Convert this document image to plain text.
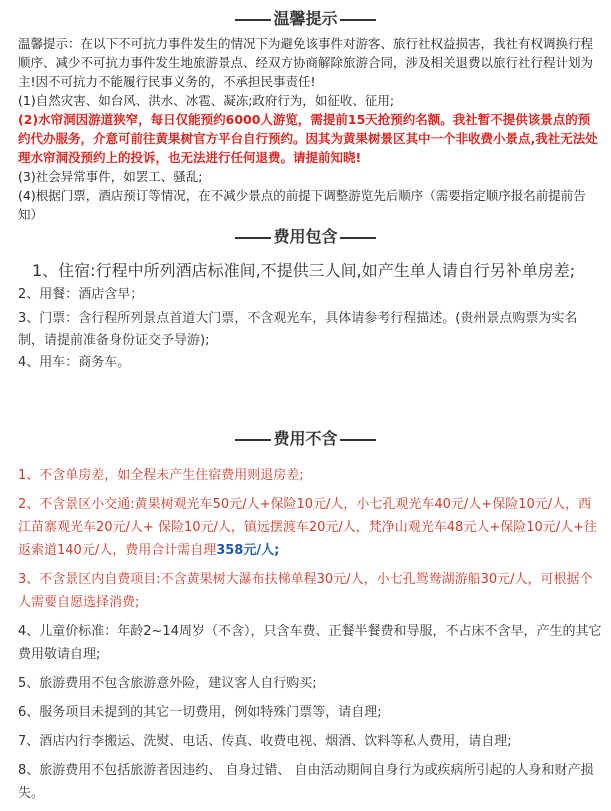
温馨提示

温馨提示：在以下不可抗力事件发生的情况下为避免该事件对游客、旅行社权益损害，我社有权调换行程顺序、减少不可抗力事件发生地旅游景点、经双方协商解除旅游合同，涉及相关退费以旅行社行程计划为主!因不可抗力不能履行民事义务的，不承担民事责任!

(1)自然灾害、如台风、洪水、冰雹、凝冻;政府行为，如征收、征用;

(2)水帘洞因游道狭窄，每日仅能预约6000人游览，需提前15天抢预约名额。我社暂不提供该景点的预约代办服务，介意可前往黄果树官方平台自行预约。因其为黄果树景区其中一个非收费小景点,我社无法处理水帘洞没预约上的投诉，也无法进行任何退费。请提前知晓!

(3)社会异常事件，如罢工、骚乱;

(4)根据门票，酒店预订等情况，在不减少景点的前提下调整游览先后顺序（需要指定顺序报名前提前告知）

费用包含
1、住宿:行程中所列酒店标准间,不提供三人间,如产生单人请自行另补单房差;
2、用餐：酒店含早；
3、门票：含行程所列景点首道大门票，不含观光车，具体请参考行程描述。(贵州景点购票为实名制，请提前准备身份证交予导游);
4、用车：商务车。
费用不含
1、不含单房差，如全程未产生住宿费用则退房差;
2、不含景区小交通:黄果树观光车50元/人+保险10元/人，小七孔观光车40元/人+保险10元/人，西江苗寨观光车20元/人+ 保险10元/人，镇远摆渡车20元/人，梵净山观光车48元人+保险10元/人+往返索道140元/人，费用合计需自理358元/人;
3、不含景区内自费项目:不含黄果树大瀑布扶梯单程30元/人，小七孔鸳鸯湖游船30元/人，可根据个人需要自愿选择消费;
4、儿童价标准：年龄2~14周岁（不含），只含车费、正餐半餐费和导服，不占床不含早，产生的其它费用敬请自理;
5、旅游费用不包含旅游意外险，建议客人自行购买;
6、服务项目未提到的其它一切费用，例如特殊门票等，请自理;
7、酒店内行李搬运、洗熨、电话、传真、收费电视、烟酒、饮料等私人费用，请自理;
8、旅游费用不包括旅游者因违约、 自身过错、 自由活动期间自身行为或疾病所引起的人身和财产损失。
